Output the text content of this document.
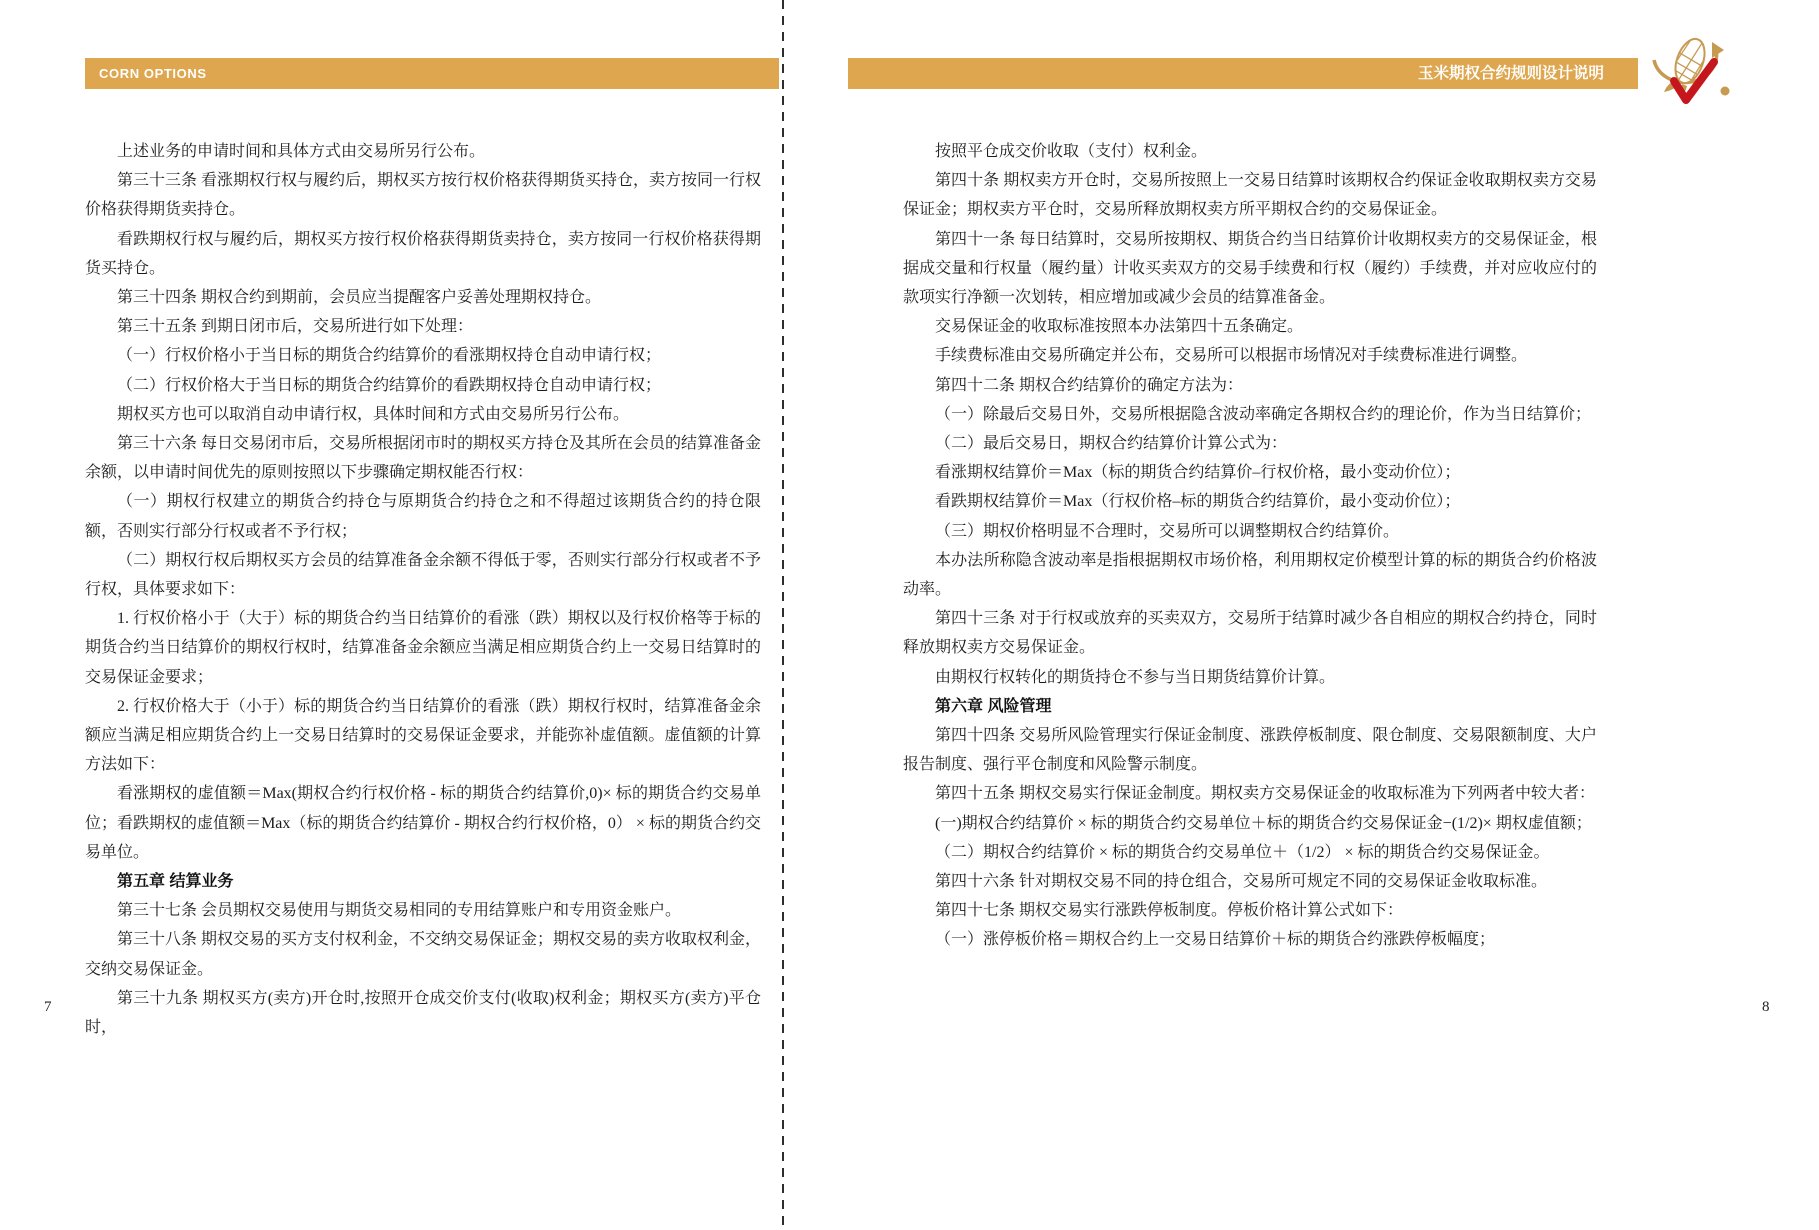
CORN OPTIONS

上述业务的申请时间和具体方式由交易所另行公布。

第三十三条 看涨期权行权与履约后，期权买方按行权价格获得期货买持仓，卖方按同一行权价格获得期货卖持仓。

看跌期权行权与履约后，期权买方按行权价格获得期货卖持仓，卖方按同一行权价格获得期货买持仓。

第三十四条 期权合约到期前，会员应当提醒客户妥善处理期权持仓。

第三十五条 到期日闭市后，交易所进行如下处理：

（一）行权价格小于当日标的期货合约结算价的看涨期权持仓自动申请行权；

（二）行权价格大于当日标的期货合约结算价的看跌期权持仓自动申请行权；

期权买方也可以取消自动申请行权，具体时间和方式由交易所另行公布。

第三十六条 每日交易闭市后，交易所根据闭市时的期权买方持仓及其所在会员的结算准备金余额，以申请时间优先的原则按照以下步骤确定期权能否行权：

（一）期权行权建立的期货合约持仓与原期货合约持仓之和不得超过该期货合约的持仓限额，否则实行部分行权或者不予行权；

（二）期权行权后期权买方会员的结算准备金余额不得低于零，否则实行部分行权或者不予行权，具体要求如下：

1. 行权价格小于（大于）标的期货合约当日结算价的看涨（跌）期权以及行权价格等于标的期货合约当日结算价的期权行权时，结算准备金余额应当满足相应期货合约上一交易日结算时的交易保证金要求；

2. 行权价格大于（小于）标的期货合约当日结算价的看涨（跌）期权行权时，结算准备金余额应当满足相应期货合约上一交易日结算时的交易保证金要求，并能弥补虚值额。虚值额的计算方法如下：

看涨期权的虚值额＝Max(期权合约行权价格 - 标的期货合约结算价,0)× 标的期货合约交易单位；看跌期权的虚值额＝Max（标的期货合约结算价 - 期权合约行权价格，0） × 标的期货合约交易单位。

第五章 结算业务

第三十七条 会员期权交易使用与期货交易相同的专用结算账户和专用资金账户。

第三十八条 期权交易的买方支付权利金，不交纳交易保证金；期权交易的卖方收取权利金，交纳交易保证金。

第三十九条 期权买方(卖方)开仓时,按照开仓成交价支付(收取)权利金；期权买方(卖方)平仓时，

7
玉米期权合约规则设计说明

按照平仓成交价收取（支付）权利金。

第四十条 期权卖方开仓时，交易所按照上一交易日结算时该期权合约保证金收取期权卖方交易保证金；期权卖方平仓时，交易所释放期权卖方所平期权合约的交易保证金。

第四十一条 每日结算时，交易所按期权、期货合约当日结算价计收期权卖方的交易保证金，根据成交量和行权量（履约量）计收买卖双方的交易手续费和行权（履约）手续费，并对应收应付的款项实行净额一次划转，相应增加或减少会员的结算准备金。

交易保证金的收取标准按照本办法第四十五条确定。

手续费标准由交易所确定并公布，交易所可以根据市场情况对手续费标准进行调整。

第四十二条 期权合约结算价的确定方法为：

（一）除最后交易日外，交易所根据隐含波动率确定各期权合约的理论价，作为当日结算价；

（二）最后交易日，期权合约结算价计算公式为：

看涨期权结算价＝Max（标的期货合约结算价–行权价格，最小变动价位）；

看跌期权结算价＝Max（行权价格–标的期货合约结算价，最小变动价位）；

（三）期权价格明显不合理时，交易所可以调整期权合约结算价。

本办法所称隐含波动率是指根据期权市场价格，利用期权定价模型计算的标的期货合约价格波动率。

第四十三条 对于行权或放弃的买卖双方，交易所于结算时减少各自相应的期权合约持仓，同时释放期权卖方交易保证金。

由期权行权转化的期货持仓不参与当日期货结算价计算。

第六章 风险管理

第四十四条 交易所风险管理实行保证金制度、涨跌停板制度、限仓制度、交易限额制度、大户报告制度、强行平仓制度和风险警示制度。

第四十五条 期权交易实行保证金制度。期权卖方交易保证金的收取标准为下列两者中较大者：

(一)期权合约结算价 × 标的期货合约交易单位＋标的期货合约交易保证金−(1/2)× 期权虚值额；

（二）期权合约结算价 × 标的期货合约交易单位＋（1/2） × 标的期货合约交易保证金。

第四十六条 针对期权交易不同的持仓组合，交易所可规定不同的交易保证金收取标准。

第四十七条 期权交易实行涨跌停板制度。停板价格计算公式如下：

（一）涨停板价格＝期权合约上一交易日结算价＋标的期货合约涨跌停板幅度；

8
